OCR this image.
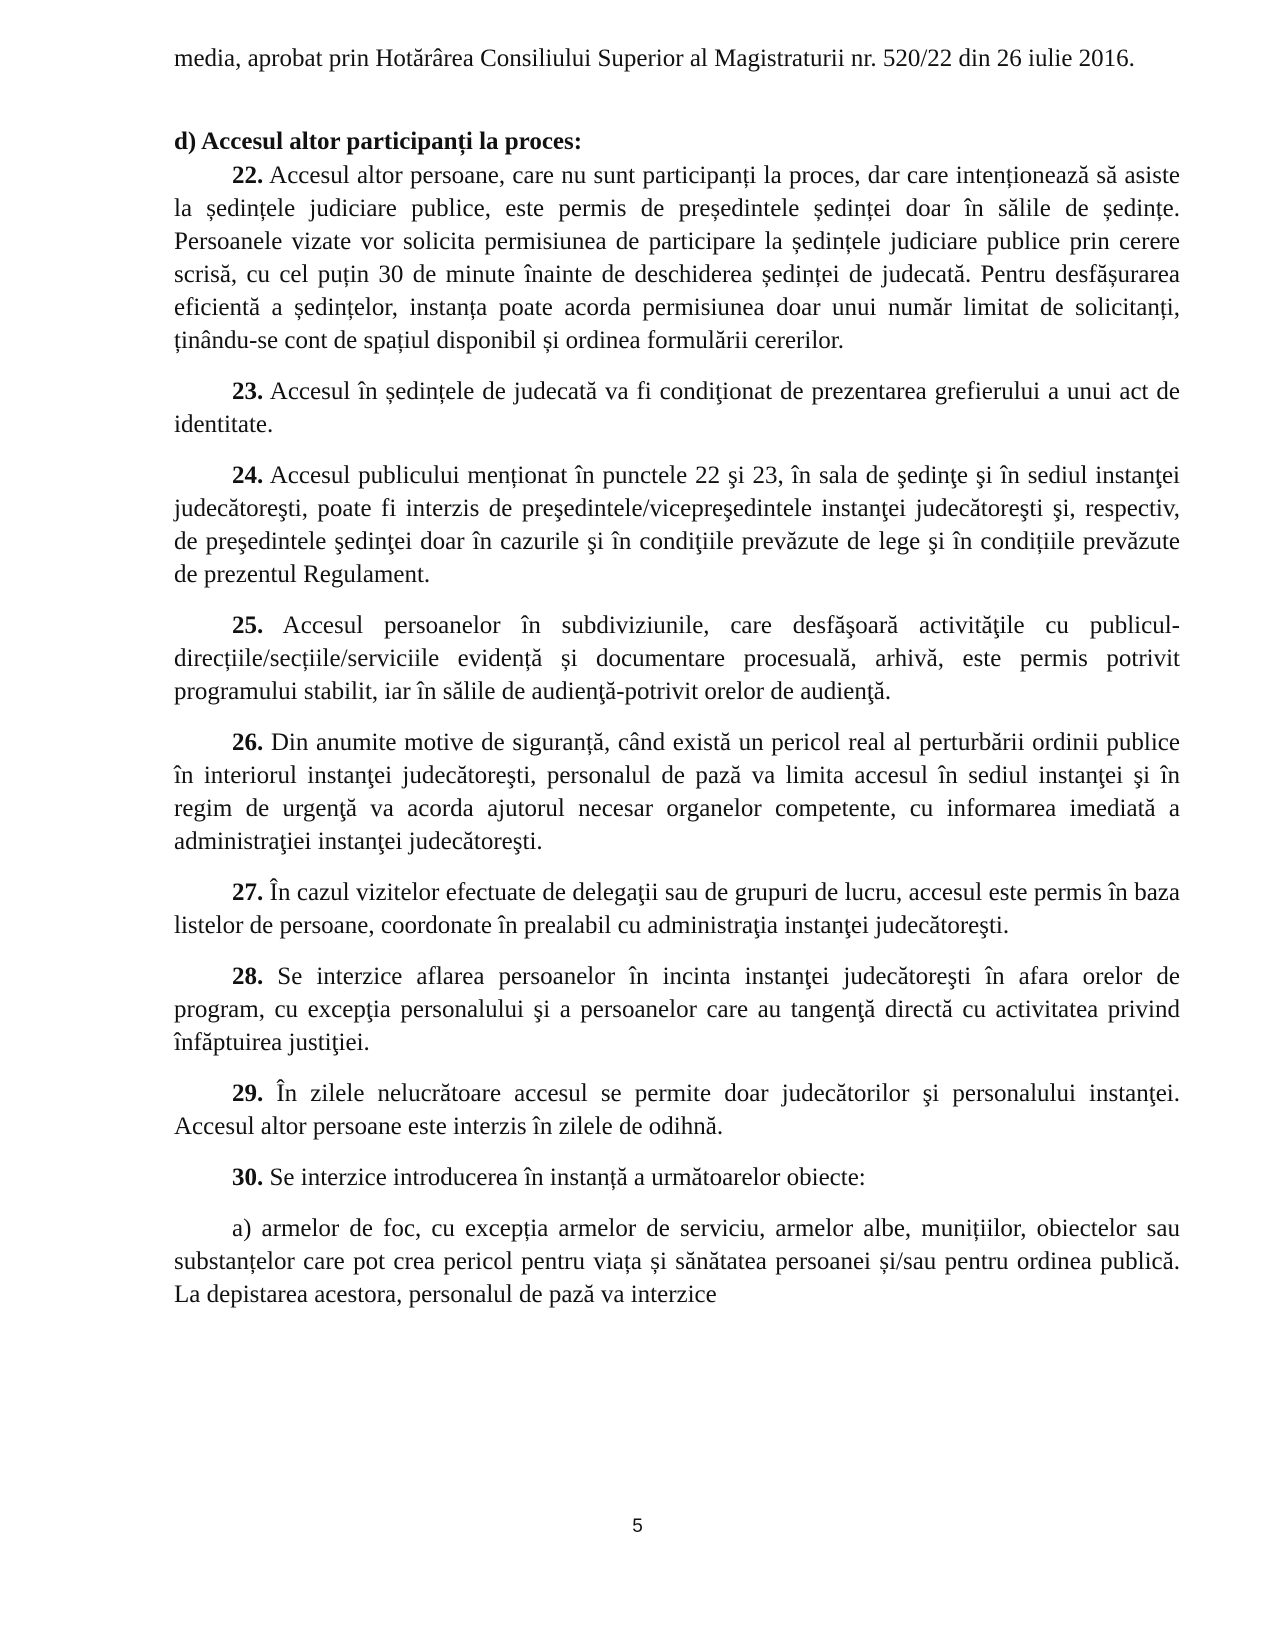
media, aprobat prin Hotărârea Consiliului Superior al Magistraturii nr. 520/22 din 26 iulie 2016.

d) Accesul altor participanți la proces:

22. Accesul altor persoane, care nu sunt participanți la proces, dar care intenționează să asiste la ședințele judiciare publice, este permis de președintele ședinței doar în sălile de ședințe. Persoanele vizate vor solicita permisiunea de participare la ședințele judiciare publice prin cerere scrisă, cu cel puțin 30 de minute înainte de deschiderea ședinței de judecată. Pentru desfășurarea eficientă a ședințelor, instanța poate acorda permisiunea doar unui număr limitat de solicitanți, ținându-se cont de spațiul disponibil și ordinea formulării cererilor.

23. Accesul în ședințele de judecată va fi condiţionat de prezentarea grefierului a unui act de identitate.

24. Accesul publicului menționat în punctele 22 şi 23, în sala de şedinţe şi în sediul instanţei judecătoreşti, poate fi interzis de preşedintele/vicepreşedintele instanţei judecătoreşti şi, respectiv, de preşedintele şedinţei doar în cazurile şi în condiţiile prevăzute de lege şi în condițiile prevăzute de prezentul Regulament.

25. Accesul persoanelor în subdiviziunile, care desfăşoară activităţile cu publicul-direcțiile/secțiile/serviciile evidență și documentare procesuală, arhivă, este permis potrivit programului stabilit, iar în sălile de audienţă-potrivit orelor de audienţă.

26. Din anumite motive de siguranță, când există un pericol real al perturbării ordinii publice în interiorul instanţei judecătoreşti, personalul de pază va limita accesul în sediul instanţei şi în regim de urgenţă va acorda ajutorul necesar organelor competente, cu informarea imediată a administraţiei instanţei judecătoreşti.

27. În cazul vizitelor efectuate de delegaţii sau de grupuri de lucru, accesul este permis în baza listelor de persoane, coordonate în prealabil cu administraţia instanţei judecătoreşti.

28. Se interzice aflarea persoanelor în incinta instanţei judecătoreşti în afara orelor de program, cu excepţia personalului şi a persoanelor care au tangenţă directă cu activitatea privind înfăptuirea justiţiei.

29. În zilele nelucrătoare accesul se permite doar judecătorilor şi personalului instanţei. Accesul altor persoane este interzis în zilele de odihnă.

30. Se interzice introducerea în instanță a următoarelor obiecte:

a) armelor de foc, cu excepția armelor de serviciu, armelor albe, munițiilor, obiectelor sau substanțelor care pot crea pericol pentru viața și sănătatea persoanei și/sau pentru ordinea publică. La depistarea acestora, personalul de pază va interzice

5
